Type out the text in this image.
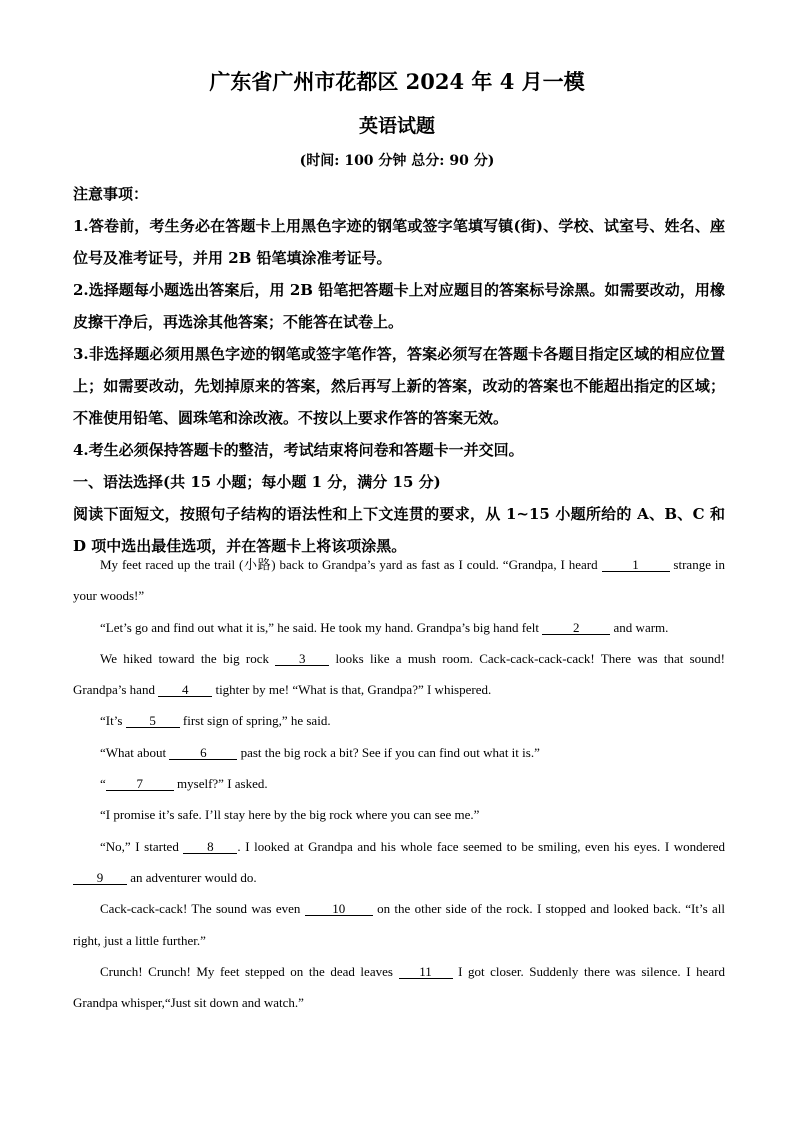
广东省广州市花都区 2024 年 4 月一模
英语试题
(时间: 100 分钟 总分: 90 分)

注意事项：

1.答卷前，考生务必在答题卡上用黑色字迹的钢笔或签字笔填写镇(街)、学校、试室号、姓名、座位号及准考证号，并用 2B 铅笔填涂准考证号。

2.选择题每小题选出答案后，用 2B 铅笔把答题卡上对应题目的答案标号涂黑。如需要改动，用橡皮擦干净后，再选涂其他答案；不能答在试卷上。

3.非选择题必须用黑色字迹的钢笔或签字笔作答，答案必须写在答题卡各题目指定区域的相应位置上；如需要改动，先划掉原来的答案，然后再写上新的答案，改动的答案也不能超出指定的区域；不准使用铅笔、圆珠笔和涂改液。不按以上要求作答的答案无效。

4.考生必须保持答题卡的整洁，考试结束将问卷和答题卡一并交回。

一、语法选择(共 15 小题；每小题 1 分，满分 15 分)

阅读下面短文，按照句子结构的语法性和上下文连贯的要求，从 1~15 小题所给的 A、B、C 和 D 项中选出最佳选项，并在答题卡上将该项涂黑。

My feet raced up the trail (小路) back to Grandpa’s yard as fast as I could. “Grandpa, I heard 1 strange in your woods!”

“Let’s go and find out what it is,” he said. He took my hand. Grandpa’s big hand felt 2 and warm.

We hiked toward the big rock 3 looks like a mush room. Cack-cack-cack-cack! There was that sound! Grandpa’s hand 4 tighter by me! “What is that, Grandpa?” I whispered.

“It’s 5 first sign of spring,” he said.

“What about 6 past the big rock a bit? See if you can find out what it is.”

“ 7 myself?” I asked.

“I promise it’s safe. I’ll stay here by the big rock where you can see me.”

“No,” I started 8 . I looked at Grandpa and his whole face seemed to be smiling, even his eyes. I wondered 9 an adventurer would do.

Cack-cack-cack! The sound was even 10 on the other side of the rock. I stopped and looked back. “It’s all right, just a little further.”

Crunch! Crunch! My feet stepped on the dead leaves 11 I got closer. Suddenly there was silence. I heard Grandpa whisper,“Just sit down and watch.”
